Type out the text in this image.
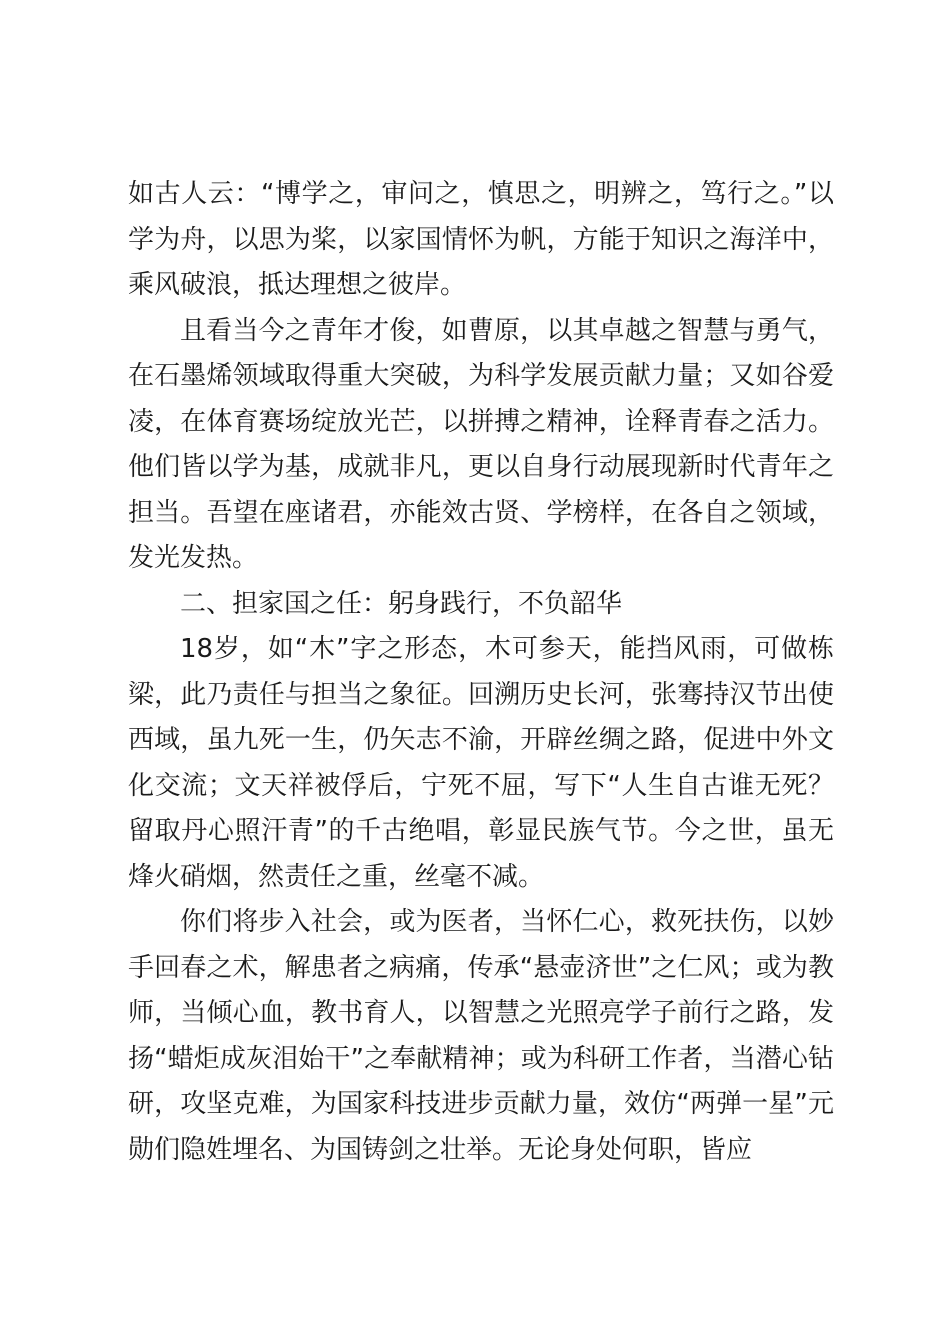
如古人云：“博学之，审问之，慎思之，明辨之，笃行之。”以学为舟，以思为桨，以家国情怀为帆，方能于知识之海洋中，乘风破浪，抵达理想之彼岸。

且看当今之青年才俊，如曹原，以其卓越之智慧与勇气，在石墨烯领域取得重大突破，为科学发展贡献力量；又如谷爱凌，在体育赛场绽放光芒，以拼搏之精神，诠释青春之活力。他们皆以学为基，成就非凡，更以自身行动展现新时代青年之担当。吾望在座诸君，亦能效古贤、学榜样，在各自之领域，发光发热。

二、担家国之任：躬身践行，不负韶华

18岁，如“木”字之形态，木可参天，能挡风雨，可做栋梁，此乃责任与担当之象征。回溯历史长河，张骞持汉节出使西域，虽九死一生，仍矢志不渝，开辟丝绸之路，促进中外文化交流；文天祥被俘后，宁死不屈，写下“人生自古谁无死？留取丹心照汗青”的千古绝唱，彰显民族气节。今之世，虽无烽火硝烟，然责任之重，丝毫不减。

你们将步入社会，或为医者，当怀仁心，救死扶伤，以妙手回春之术，解患者之病痛，传承“悬壶济世”之仁风；或为教师，当倾心血，教书育人，以智慧之光照亮学子前行之路，发扬“蜡炬成灰泪始干”之奉献精神；或为科研工作者，当潜心钻研，攻坚克难，为国家科技进步贡献力量，效仿“两弹一星”元勋们隐姓埋名、为国铸剑之壮举。无论身处何职，皆应
